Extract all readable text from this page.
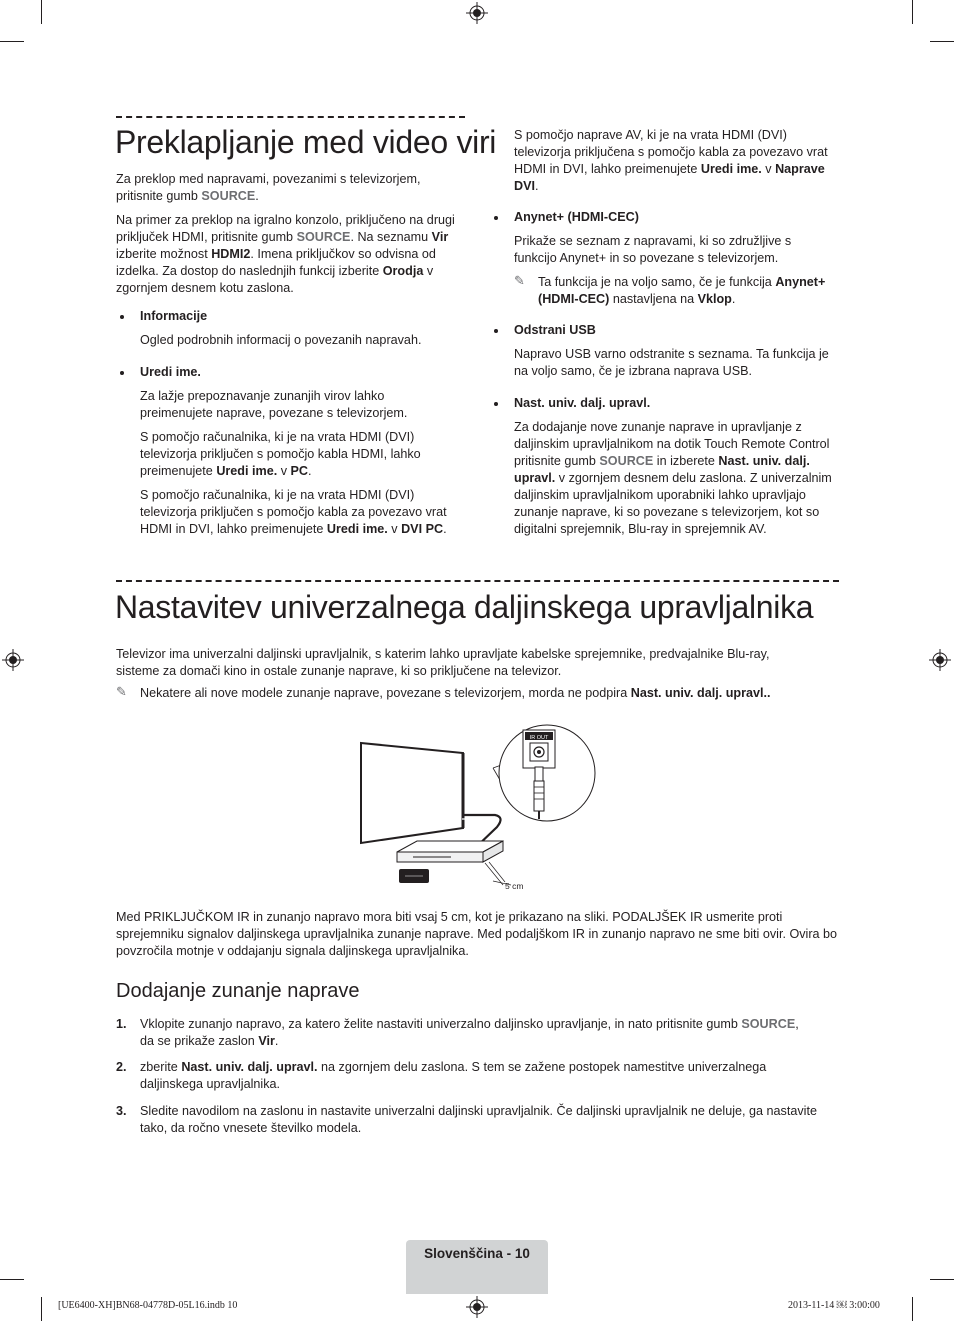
Preklapljanje med video viri

Za preklop med napravami, povezanimi s televizorjem, pritisnite gumb SOURCE.

Na primer za preklop na igralno konzolo, priključeno na drugi priključek HDMI, pritisnite gumb SOURCE. Na seznamu Vir izberite možnost HDMI2. Imena priključkov so odvisna od izdelka. Za dostop do naslednjih funkcij izberite Orodja v zgornjem desnem kotu zaslona.

Informacije

Ogled podrobnih informacij o povezanih napravah.

Uredi ime.

Za lažje prepoznavanje zunanjih virov lahko preimenujete naprave, povezane s televizorjem.

S pomočjo računalnika, ki je na vrata HDMI (DVI) televizorja priključen s pomočjo kabla HDMI, lahko preimenujete Uredi ime. v PC.

S pomočjo računalnika, ki je na vrata HDMI (DVI) televizorja priključen s pomočjo kabla za povezavo vrat HDMI in DVI, lahko preimenujete Uredi ime. v DVI PC.

S pomočjo naprave AV, ki je na vrata HDMI (DVI) televizorja priključena s pomočjo kabla za povezavo vrat HDMI in DVI, lahko preimenujete Uredi ime. v Naprave DVI.

Anynet+ (HDMI-CEC)

Prikaže se seznam z napravami, ki so združljive s funkcijo Anynet+ in so povezane s televizorjem.

✎ Ta funkcija je na voljo samo, če je funkcija Anynet+ (HDMI-CEC) nastavljena na Vklop.

Odstrani USB

Napravo USB varno odstranite s seznama. Ta funkcija je na voljo samo, če je izbrana naprava USB.

Nast. univ. dalj. upravl.

Za dodajanje nove zunanje naprave in upravljanje z daljinskim upravljalnikom na dotik Touch Remote Control pritisnite gumb SOURCE in izberete Nast. univ. dalj. upravl. v zgornjem desnem delu zaslona. Z univerzalnim daljinskim upravljalnikom uporabniki lahko upravljajo zunanje naprave, ki so povezane s televizorjem, kot so digitalni sprejemnik, Blu-ray in sprejemnik AV.

Nastavitev univerzalnega daljinskega upravljalnika

Televizor ima univerzalni daljinski upravljalnik, s katerim lahko upravljate kabelske sprejemnike, predvajalnike Blu-ray, sisteme za domači kino in ostale zunanje naprave, ki so priključene na televizor.

✎ Nekatere ali nove modele zunanje naprave, povezane s televizorjem, morda ne podpira Nast. univ. dalj. upravl..

5 cm
IR OUT

Med PRIKLJUČKOM IR in zunanjo napravo mora biti vsaj 5 cm, kot je prikazano na sliki. PODALJŠEK IR usmerite proti sprejemniku signalov daljinskega upravljalnika zunanje naprave. Med podaljškom IR in zunanjo napravo ne sme biti ovir. Ovira bo povzročila motnje v oddajanju signala daljinskega upravljalnika.

Dodajanje zunanje naprave

1. Vklopite zunanjo napravo, za katero želite nastaviti univerzalno daljinsko upravljanje, in nato pritisnite gumb SOURCE, da se prikaže zaslon Vir.

2. zberite Nast. univ. dalj. upravl. na zgornjem delu zaslona. S tem se zažene postopek namestitve univerzalnega daljinskega upravljalnika.

3. Sledite navodilom na zaslonu in nastavite univerzalni daljinski upravljalnik. Če daljinski upravljalnik ne deluje, ga nastavite tako, da ročno vnesete številko modela.

Slovenščina - 10
[UE6400-XH]BN68-04778D-05L16.indb 10	2013-11-14 ￼ 3:00:00
